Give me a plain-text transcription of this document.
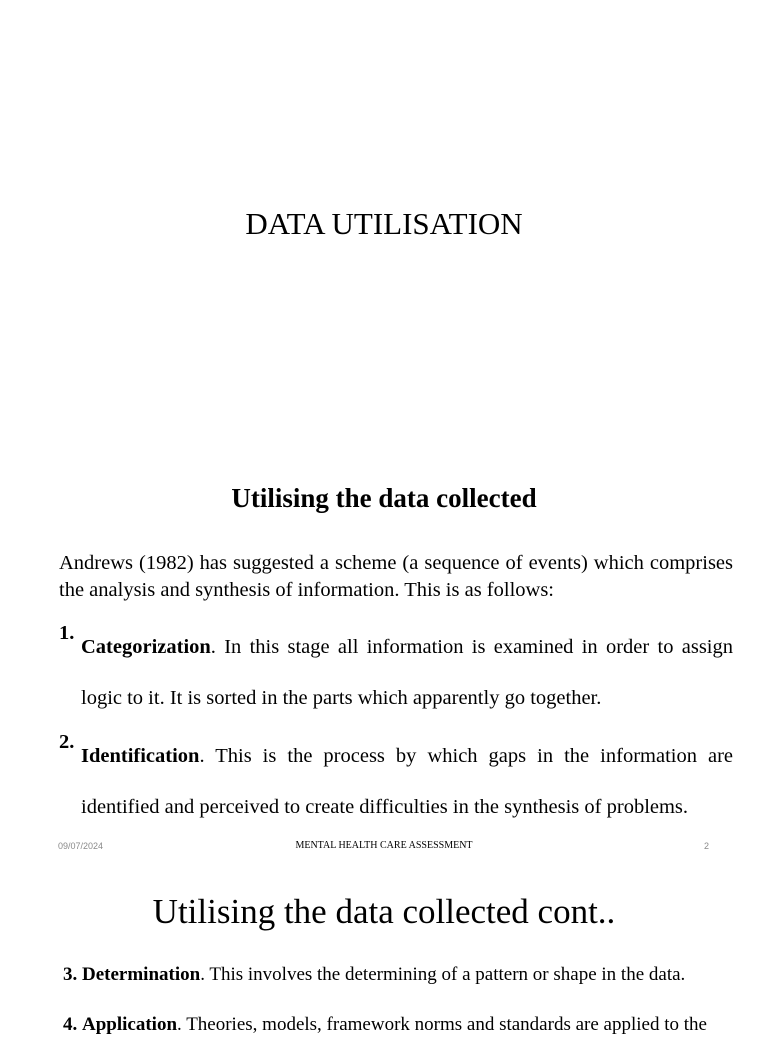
DATA UTILISATION
Utilising the data collected
Andrews (1982) has suggested a scheme (a sequence of events) which comprises the analysis and synthesis of information. This is as follows:
1.
Categorization. In this stage all information is examined in order to assign logic to it. It is sorted in the parts which apparently go together.
2.
Identification. This is the process by which gaps in the information are identified and perceived to create difficulties in the synthesis of problems.
09/07/2024	MENTAL HEALTH CARE ASSESSMENT	2
Utilising the data collected cont..
3. Determination. This involves the determining of a pattern or shape in the data.
4. Application. Theories, models, framework norms and standards are applied to the
